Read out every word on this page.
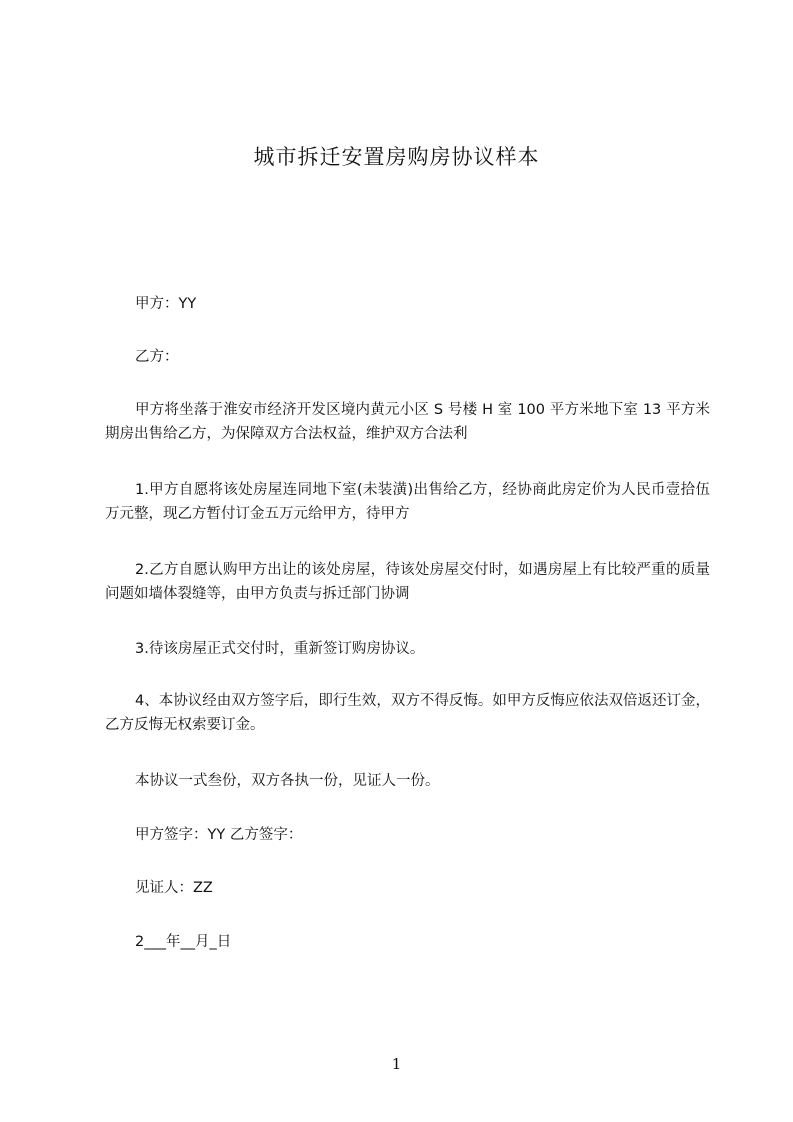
城市拆迁安置房购房协议样本
甲方：YY
乙方：
甲方将坐落于淮安市经济开发区境内黄元小区 S 号楼 H 室 100 平方米地下室 13 平方米期房出售给乙方，为保障双方合法权益，维护双方合法利
1.甲方自愿将该处房屋连同地下室(未装潢)出售给乙方，经协商此房定价为人民币壹拾伍万元整，现乙方暂付订金五万元给甲方，待甲方
2.乙方自愿认购甲方出让的该处房屋，待该处房屋交付时，如遇房屋上有比较严重的质量问题如墙体裂缝等，由甲方负责与拆迁部门协调
3.待该房屋正式交付时，重新签订购房协议。
4、本协议经由双方签字后，即行生效，双方不得反悔。如甲方反悔应依法双倍返还订金，乙方反悔无权索要订金。
本协议一式叁份，双方各执一份，见证人一份。
甲方签字：YY 乙方签字：
见证人：ZZ
2___年__月_日
1
